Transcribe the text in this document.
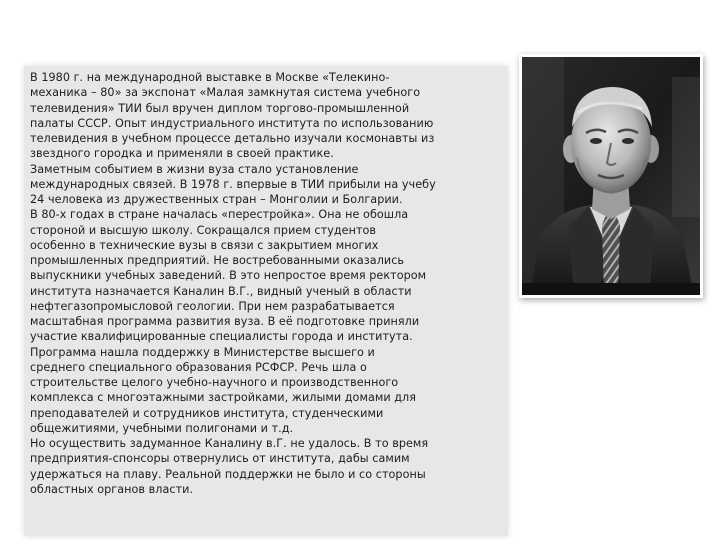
В 1980 г. на международной выставке в Москве «Телекино-
механика – 80» за экспонат «Малая замкнутая система учебного
телевидения» ТИИ был вручен диплом торгово-промышленной
палаты СССР. Опыт индустриального института по использованию
телевидения в учебном процессе детально изучали космонавты из
звездного городка и применяли в своей практике.
Заметным событием в жизни вуза стало установление
международных связей. В 1978 г. впервые в ТИИ прибыли на учебу
24 человека из дружественных стран – Монголии и Болгарии.
В 80-х годах в стране началась «перестройка». Она не обошла
стороной и высшую школу. Сокращался прием студентов
особенно в технические вузы в связи с закрытием многих
промышленных предприятий. Не востребованными оказались
выпускники учебных заведений. В это непростое время ректором
института назначается Каналин В.Г., видный ученый в области
нефтегазопромысловой геологии. При нем разрабатывается
масштабная программа развития вуза. В её подготовке приняли
участие квалифицированные специалисты города и института.
Программа нашла поддержку в Министерстве высшего и
среднего специального образования РСФСР. Речь шла о
строительстве целого учебно-научного и производственного
комплекса с многоэтажными застройками, жилыми домами для
преподавателей и сотрудников института, студенческими
общежитиями, учебными полигонами и т.д.
Но осуществить задуманное Каналину в.Г. не удалось. В то время
предприятия-спонсоры отвернулись от института, дабы самим
удержаться на плаву. Реальной поддержки не было и со стороны
областных органов власти.
